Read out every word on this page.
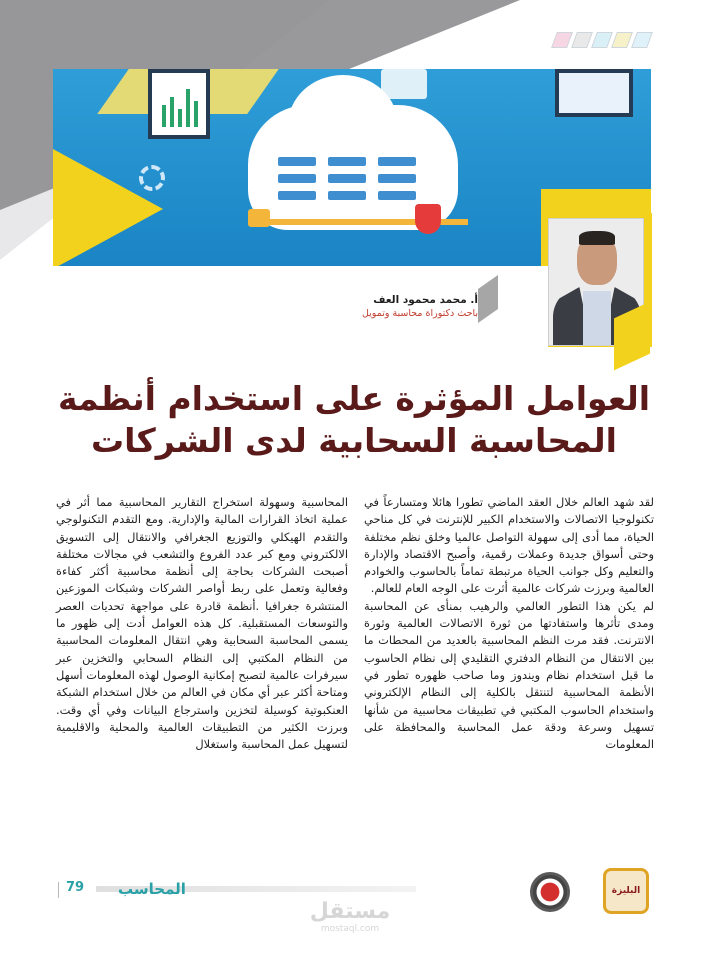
أ. محمد محمود العف
باحث دكتوراة محاسبة وتمويل
العوامل المؤثرة على استخدام أنظمة
المحاسبة السحابية لدى الشركات

لقد شهد العالم خلال العقد الماضي تطورا هائلا ومتسارعاً في تكنولوجيا الاتصالات والاستخدام الكبير للإنترنت في كل مناحي الحياة، مما أدى إلى سهولة التواصل عالميا وخلق نظم مختلفة وحتى أسواق جديدة وعملات رقمية، وأصبح الاقتصاد والإدارة والتعليم وكل جوانب الحياة مرتبطة تماماً بالحاسوب والخوادم العالمية وبرزت شركات عالمية أثرت على الوجه العام للعالم.

لم يكن هذا التطور العالمي والرهيب بمنأى عن المحاسبة ومدى تأثرها واستفادتها من ثورة الاتصالات العالمية وثورة الانترنت. فقد مرت النظم المحاسبية بالعديد من المحطات ما بين الانتقال من النظام الدفتري التقليدي إلى نظام الحاسوب ما قبل استخدام نظام ويندوز وما صاحب ظهوره تطور في الأنظمة المحاسبية لتنتقل بالكلية إلى النظام الإلكتروني واستخدام الحاسوب المكتبي في تطبيقات محاسبية من شأنها تسهيل وسرعة ودقة عمل المحاسبة والمحافظة على المعلومات

المحاسبية وسهولة استخراج التقارير المحاسبية مما أثر في عملية اتخاذ القرارات المالية والإدارية. ومع التقدم التكنولوجي والتقدم الهيكلي والتوزيع الجغرافي والانتقال إلى التسويق الالكتروني ومع كبر عدد الفروع والتشعب في مجالات مختلفة أصبحت الشركات بحاجة إلى أنظمة محاسبية أكثر كفاءة وفعالية وتعمل على ربط أواصر الشركات وشبكات الموزعين المنتشرة جغرافيا .أنظمة قادرة على مواجهة تحديات العصر والتوسعات المستقبلية. كل هذه العوامل أدت إلى ظهور ما يسمى المحاسبة السحابية وهي انتقال المعلومات المحاسبية من النظام المكتبي إلى النظام السحابي والتخزين عبر سيرفرات عالمية لتصبح إمكانية الوصول لهذه المعلومات أسهل ومتاحة أكثر عبر أي مكان في العالم من خلال استخدام الشبكة العنكبوتية كوسيلة لتخزين واسترجاع البيانات وفي أي وقت. وبرزت الكثير من التطبيقات العالمية والمحلية والاقليمية لتسهيل عمل المحاسبة واستغلال

79 المحاسب
مستقل
mostaql.com
البليزة
